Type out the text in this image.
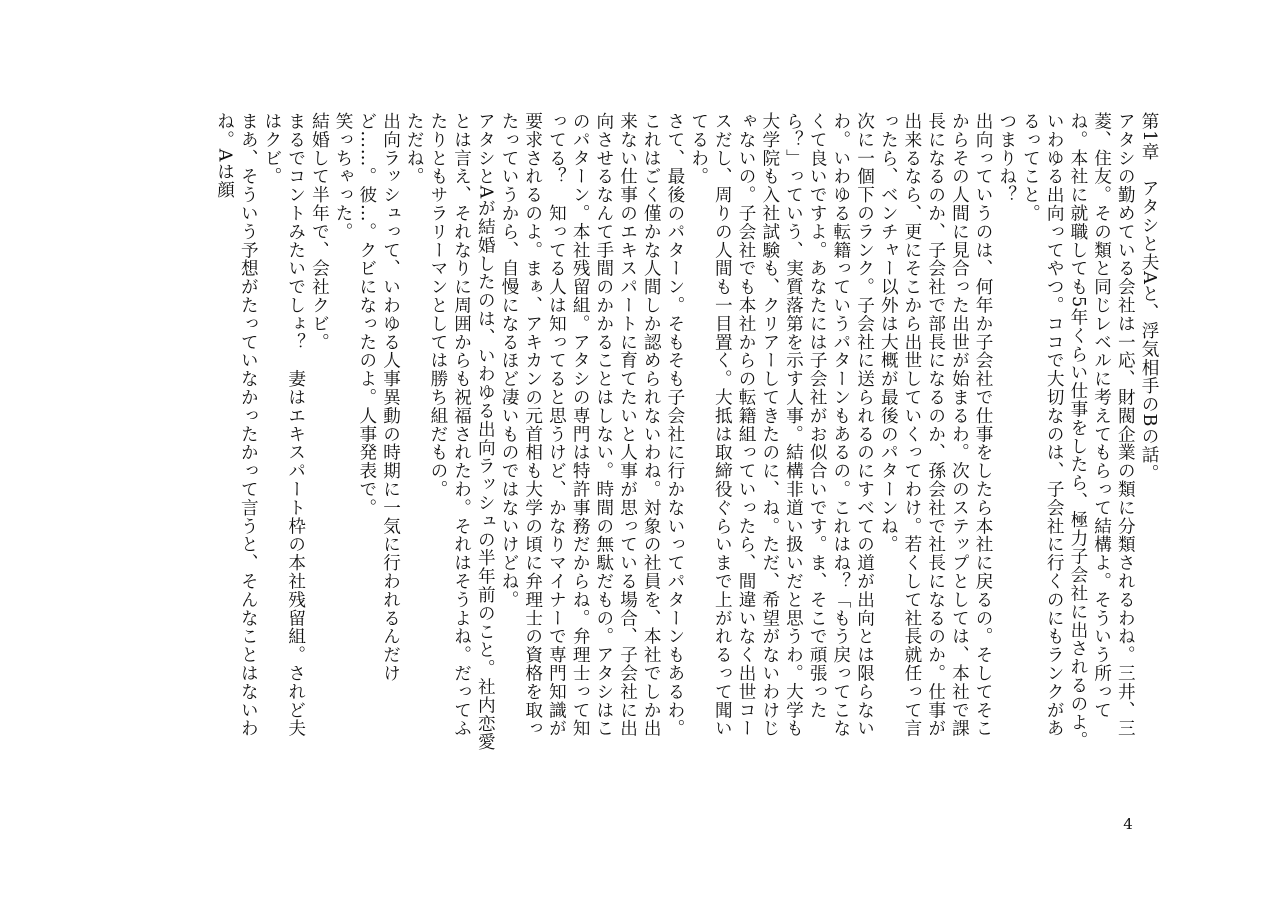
第1章　アタシと夫Aと、浮気相手のBの話。

アタシの勤めている会社は一応、財閥企業の類に分類されるわね。三井、三菱、住友。その類と同じレベルに考えてもらって結構よ。そういう所ってね。本社に就職しても5年くらい仕事をしたら、極力子会社に出されるのよ。いわゆる出向ってやつ。ココで大切なのは、子会社に行くのにもランクがあるってこと。

つまりね？

出向っていうのは、何年か子会社で仕事をしたら本社に戻るの。そしてそこからその人間に見合った出世が始まるわ。次のステップとしては、本社で課長になるのか、子会社で部長になるのか、孫会社で社長になるのか。仕事が出来るなら、更にそこから出世していくってわけ。若くして社長就任って言ったら、ベンチャー以外は大概が最後のパターンね。

次に一個下のランク。子会社に送られるのにすべての道が出向とは限らないわ。いわゆる転籍っていうパターンもあるの。これはね？「もう戻ってこなくて良いですよ。あなたには子会社がお似合いです。ま、そこで頑張ったら？」っていう、実質落第を示す人事。結構非道い扱いだと思うわ。大学も大学院も入社試験も、クリアーしてきたのに、ね。ただ、希望がないわけじゃないの。子会社でも本社からの転籍組っていったら、間違いなく出世コースだし、周りの人間も一目置く。大抵は取締役ぐらいまで上がれるって聞いてるわ。

さて、最後のパターン。そもそも子会社に行かないってパターンもあるわ。これはごく僅かな人間しか認められないわね。対象の社員を、本社でしか出来ない仕事のエキスパートに育てたいと人事が思っている場合、子会社に出向させるなんて手間のかかることはしない。時間の無駄だもの。アタシはこのパターン。本社残留組。アタシの専門は特許事務だからね。弁理士って知ってる？　知ってる人は知ってると思うけど、かなりマイナーで専門知識が要求されるのよ。まぁ、アキカンの元首相も大学の頃に弁理士の資格を取ったっていうから、自慢になるほど凄いものではないけどね。

アタシとAが結婚したのは、いわゆる出向ラッシュの半年前のこと。社内恋愛とは言え、それなりに周囲からも祝福されたわ。それはそうよね。だってふたりともサラリーマンとしては勝ち組だもの。

ただね。

出向ラッシュって、いわゆる人事異動の時期に一気に行われるんだけど……。彼…。クビになったのよ。人事発表で。

笑っちゃった。

結婚して半年で、会社クビ。

まるでコントみたいでしょ？　妻はエキスパート枠の本社残留組。されど夫はクビ。

まあ、そういう予想がたっていなかったかって言うと、そんなことはないわね。Aは顔

4
